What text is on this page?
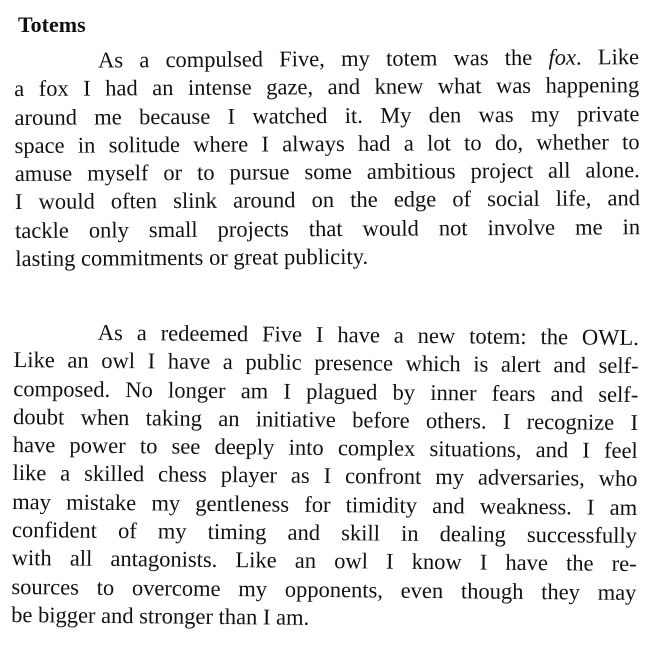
Totems
As a compulsed Five, my totem was the fox. Like
a fox I had an intense gaze, and knew what was happening
around me because I watched it. My den was my private
space in solitude where I always had a lot to do, whether to
amuse myself or to pursue some ambitious project all alone.
I would often slink around on the edge of social life, and
tackle only small projects that would not involve me in
lasting commitments or great publicity.
As a redeemed Five I have a new totem: the OWL.
Like an owl I have a public presence which is alert and self-
composed. No longer am I plagued by inner fears and self-
doubt when taking an initiative before others. I recognize I
have power to see deeply into complex situations, and I feel
like a skilled chess player as I confront my adversaries, who
may mistake my gentleness for timidity and weakness. I am
confident of my timing and skill in dealing successfully
with all antagonists. Like an owl I know I have the re-
sources to overcome my opponents, even though they may
be bigger and stronger than I am.
